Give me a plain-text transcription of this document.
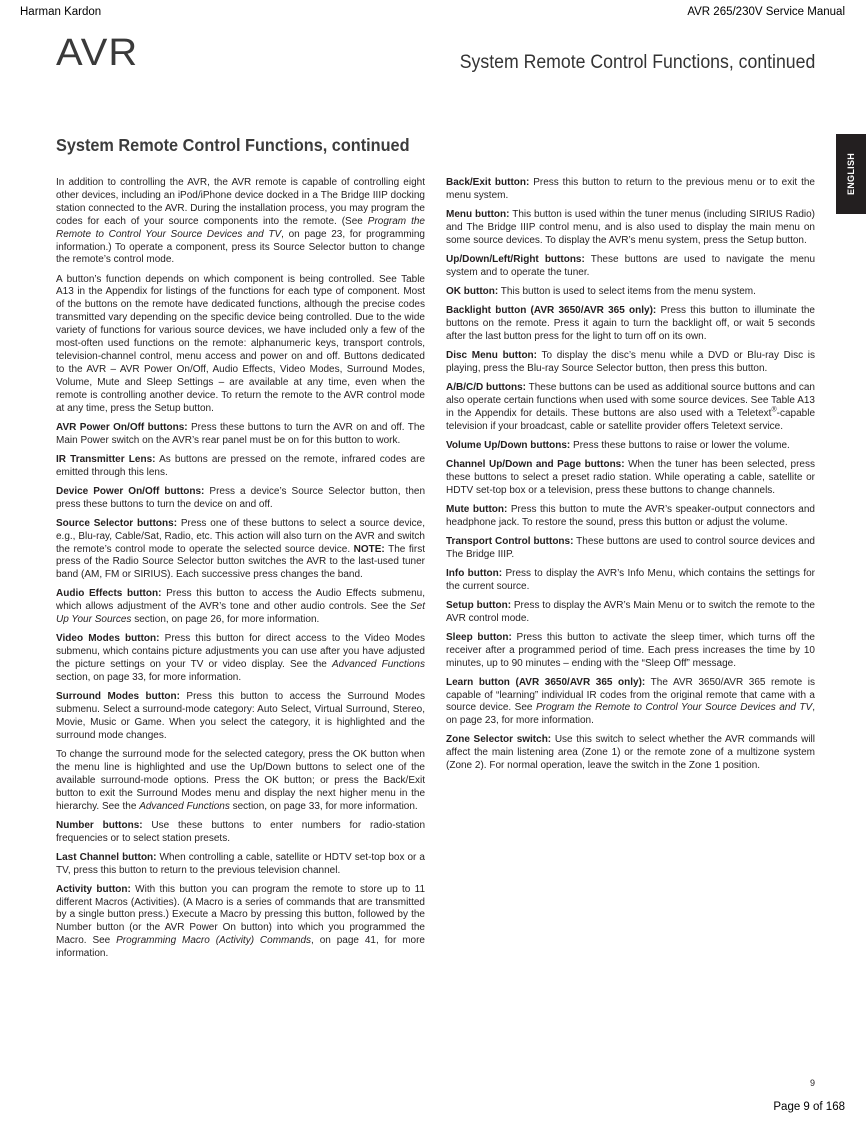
Harman Kardon	AVR 265/230V Service Manual
AVR	System Remote Control Functions, continued
ENGLISH
System Remote Control Functions, continued

In addition to controlling the AVR, the AVR remote is capable of controlling eight other devices, including an iPod/iPhone device docked in a The Bridge IIIP docking station connected to the AVR. During the installation process, you may program the codes for each of your source components into the remote. (See Program the Remote to Control Your Source Devices and TV, on page 23, for programming information.) To operate a component, press its Source Selector button to change the remote’s control mode.

A button’s function depends on which component is being controlled. See Table A13 in the Appendix for listings of the functions for each type of component. Most of the buttons on the remote have dedicated functions, although the precise codes transmitted vary depending on the specific device being controlled. Due to the wide variety of functions for various source devices, we have included only a few of the most-often used functions on the remote: alphanumeric keys, transport controls, television-channel control, menu access and power on and off. Buttons dedicated to the AVR – AVR Power On/Off, Audio Effects, Video Modes, Surround Modes, Volume, Mute and Sleep Settings – are available at any time, even when the remote is controlling another device. To return the remote to the AVR control mode at any time, press the Setup button.

AVR Power On/Off buttons: Press these buttons to turn the AVR on and off. The Main Power switch on the AVR’s rear panel must be on for this button to work.

IR Transmitter Lens: As buttons are pressed on the remote, infrared codes are emitted through this lens.

Device Power On/Off buttons: Press a device’s Source Selector button, then press these buttons to turn the device on and off.

Source Selector buttons: Press one of these buttons to select a source device, e.g., Blu-ray, Cable/Sat, Radio, etc. This action will also turn on the AVR and switch the remote’s control mode to operate the selected source device. NOTE: The first press of the Radio Source Selector button switches the AVR to the last-used tuner band (AM, FM or SIRIUS). Each successive press changes the band.

Audio Effects button: Press this button to access the Audio Effects submenu, which allows adjustment of the AVR’s tone and other audio controls. See the Set Up Your Sources section, on page 26, for more information.

Video Modes button: Press this button for direct access to the Video Modes submenu, which contains picture adjustments you can use after you have adjusted the picture settings on your TV or video display. See the Advanced Functions section, on page 33, for more information.

Surround Modes button: Press this button to access the Surround Modes submenu. Select a surround-mode category: Auto Select, Virtual Surround, Stereo, Movie, Music or Game. When you select the category, it is highlighted and the surround mode changes.

To change the surround mode for the selected category, press the OK button when the menu line is highlighted and use the Up/Down buttons to select one of the available surround-mode options. Press the OK button; or press the Back/Exit button to exit the Surround Modes menu and display the next higher menu in the hierarchy. See the Advanced Functions section, on page 33, for more information.

Number buttons: Use these buttons to enter numbers for radio-station frequencies or to select station presets.

Last Channel button: When controlling a cable, satellite or HDTV set-top box or a TV, press this button to return to the previous television channel.

Activity button: With this button you can program the remote to store up to 11 different Macros (Activities). (A Macro is a series of commands that are transmitted by a single button press.) Execute a Macro by pressing this button, followed by the Number button (or the AVR Power On button) into which you programmed the Macro. See Programming Macro (Activity) Commands, on page 41, for more information.

Back/Exit button: Press this button to return to the previous menu or to exit the menu system.

Menu button: This button is used within the tuner menus (including SIRIUS Radio) and The Bridge IIIP control menu, and is also used to display the main menu on some source devices. To display the AVR’s menu system, press the Setup button.

Up/Down/Left/Right buttons: These buttons are used to navigate the menu system and to operate the tuner.

OK button: This button is used to select items from the menu system.

Backlight button (AVR 3650/AVR 365 only): Press this button to illuminate the buttons on the remote. Press it again to turn the backlight off, or wait 5 seconds after the last button press for the light to turn off on its own.

Disc Menu button: To display the disc’s menu while a DVD or Blu-ray Disc is playing, press the Blu-ray Source Selector button, then press this button.

A/B/C/D buttons: These buttons can be used as additional source buttons and can also operate certain functions when used with some source devices. See Table A13 in the Appendix for details. These buttons are also used with a Teletext®-capable television if your broadcast, cable or satellite provider offers Teletext service.

Volume Up/Down buttons: Press these buttons to raise or lower the volume.

Channel Up/Down and Page buttons: When the tuner has been selected, press these buttons to select a preset radio station. While operating a cable, satellite or HDTV set-top box or a television, press these buttons to change channels.

Mute button: Press this button to mute the AVR’s speaker-output connectors and headphone jack. To restore the sound, press this button or adjust the volume.

Transport Control buttons: These buttons are used to control source devices and The Bridge IIIP.

Info button: Press to display the AVR’s Info Menu, which contains the settings for the current source.

Setup button: Press to display the AVR’s Main Menu or to switch the remote to the AVR control mode.

Sleep button: Press this button to activate the sleep timer, which turns off the receiver after a programmed period of time. Each press increases the time by 10 minutes, up to 90 minutes – ending with the “Sleep Off” message.

Learn button (AVR 3650/AVR 365 only): The AVR 3650/AVR 365 remote is capable of “learning” individual IR codes from the original remote that came with a source device. See Program the Remote to Control Your Source Devices and TV, on page 23, for more information.

Zone Selector switch: Use this switch to select whether the AVR commands will affect the main listening area (Zone 1) or the remote zone of a multizone system (Zone 2). For normal operation, leave the switch in the Zone 1 position.

9
Page 9 of 168
